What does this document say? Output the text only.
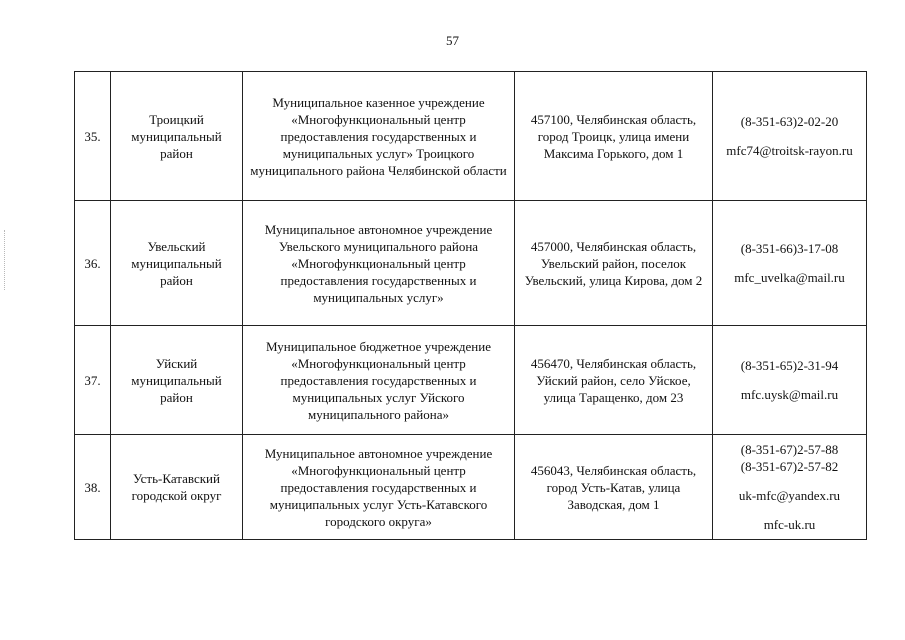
57
35.	Троицкий муниципальный район	Муниципальное казенное учреждение «Многофункциональный центр предоставления государственных и муниципальных услуг» Троицкого муниципального района Челябинской области	457100, Челябинская область, город Троицк, улица имени Максима Горького, дом 1	(8-351-63)2-02-20
mfc74@troitsk-rayon.ru

36.	Увельский муниципальный район	Муниципальное автономное учреждение Увельского муниципального района «Многофункциональный центр предоставления государственных и муниципальных услуг»	457000, Челябинская область, Увельский район, поселок Увельский, улица Кирова, дом 2	(8-351-66)3-17-08
mfc_uvelka@mail.ru

37.	Уйский муниципальный район	Муниципальное бюджетное учреждение «Многофункциональный центр предоставления государственных и муниципальных услуг Уйского муниципального района»	456470, Челябинская область, Уйский район, село Уйское, улица Таращенко, дом 23	(8-351-65)2-31-94
mfc.uysk@mail.ru

38.	Усть-Катавский городской округ	Муниципальное автономное учреждение «Многофункциональный центр предоставления государственных и муниципальных услуг Усть-Катавского городского округа»	456043, Челябинская область, город Усть-Катав, улица Заводская, дом 1	(8-351-67)2-57-88
(8-351-67)2-57-82
uk-mfc@yandex.ru
mfc-uk.ru
